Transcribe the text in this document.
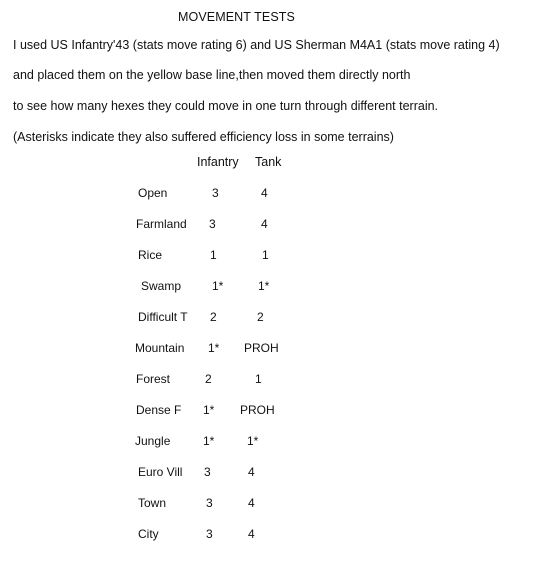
MOVEMENT TESTS
I used US Infantry'43 (stats move rating 6) and US Sherman M4A1 (stats move rating 4)
and placed them on the yellow base line,then moved them directly north
to see how many hexes they could move in one turn through different terrain.
(Asterisks indicate they also suffered efficiency loss in some terrains)
Infantry Tank
Open	3	4
Farmland 3	4
Rice	1	1
Swamp	1*	1*
Difficult T 2	2
Mountain 1* PROH
Forest	2	1
Dense F 1* PROH
Jungle	1*	1*
Euro Vill 3	4
Town	3	4
City	3	4
